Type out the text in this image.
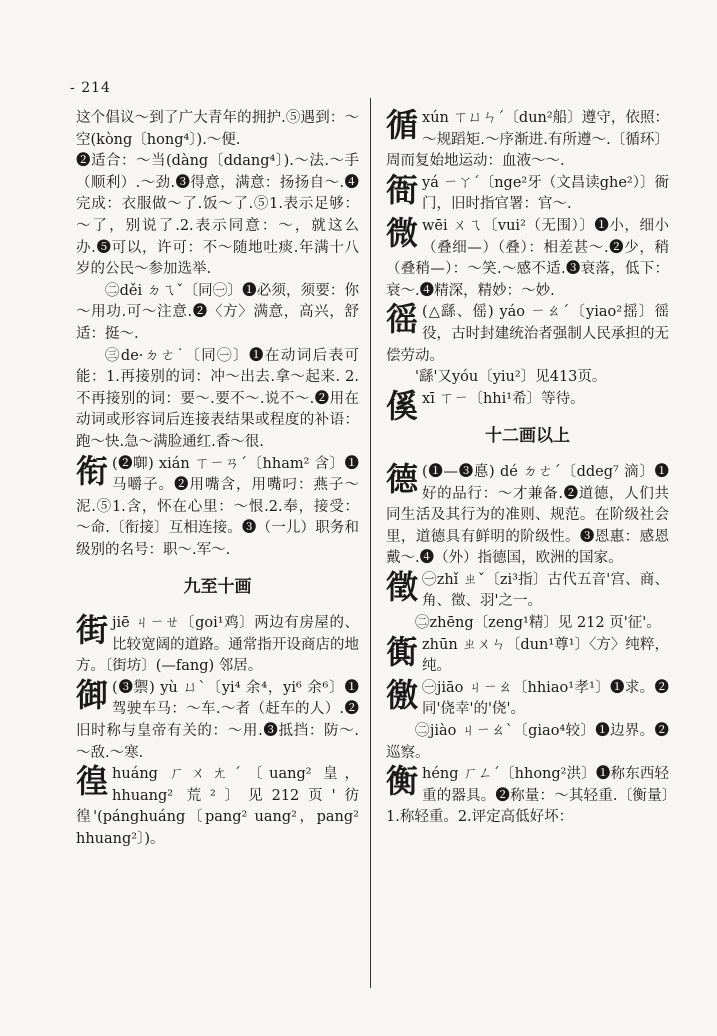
- 214

这个倡议～到了广大青年的拥护.⑤遇到：～空(kòng〔hong⁴〕).～便.

❷适合：～当(dàng〔ddang⁴〕).～法.～手（顺利）.～劲.❸得意，满意：扬扬自～.❹完成：衣服做～了.饭～了.⑤1.表示足够：～了，别说了.2.表示同意：～，就这么办.❺可以，许可：不～随地吐痰.年满十八岁的公民～参加选举.

㊁děi ㄉㄟˇ〔同㊀〕❶必须，须要：你～用功.可～注意.❷〈方〉满意，高兴，舒适：挺～.

㊂de·ㄉㄜ˙〔同㊀〕❶在动词后表可能：1.再接别的词：冲～出去.拿～起来. 2.不再接别的词：要～.要不～.说不～.❷用在动词或形容词后连接表结果或程度的补语：跑～快.急～满脸通红.香～很.

衔 (❷啣) xián ㄒㄧㄢˊ〔hham² 含〕❶马嚼子。❷用嘴含，用嘴叼：燕子～泥.⑤1.含，怀在心里：～恨.2.奉，接受：～命.〔衔接〕互相连接。❸（一儿）职务和级别的名号：职～.军～.
九至十画
街 jiē ㄐㄧㄝ〔goi¹鸡〕两边有房屋的、比较宽阔的道路。通常指开设商店的地方。〔街坊〕(—fang) 邻居。
御 (❸禦) yù ㄩˋ〔yi⁴ 余⁴，yi⁶ 余⁶〕❶驾驶车马：～车.～者（赶车的人）.❷旧时称与皇帝有关的：～用.❸抵挡：防～.～敌.～寒.
徨 huáng ㄏㄨㄤˊ〔uang² 皇，hhuang² 荒²〕见212页'彷徨'(pánghuáng〔pang² uang²，pang² hhuang²〕)。
循 xún ㄒㄩㄣˊ〔dun²船〕遵守，依照：～规蹈矩.～序渐进.有所遵～.〔循环〕周而复始地运动：血液～～.
衙 yá ㄧㄚˊ〔nge²牙（文昌读ghe²）〕衙门，旧时指官署：官～.
微 wēi ㄨㄟ〔vui²（无围）〕❶小，细小（叠细—）（叠）：相差甚～.❷少，稍（叠稍—）：～笑.～感不适.❸衰落，低下：衰～.❹精深，精妙：～妙.
徭 (△繇、傜) yáo ㄧㄠˊ〔yiao²摇〕徭役，古时封建统治者强制人民承担的无偿劳动。

'繇'又yóu〔yiu²〕见413页。

傒 xī ㄒㄧ〔hhi¹希〕等待。
十二画以上
德 (❶—❸悳) dé ㄉㄜˊ〔ddeg⁷ 滴〕❶好的品行：～才兼备.❷道德，人们共同生活及其行为的准则、规范。在阶级社会里，道德具有鲜明的阶级性。❸恩惠：感恩戴～.❹（外）指德国，欧洲的国家。
徵 ㊀zhǐ ㄓˇ〔zi³指〕古代五音'宫、商、角、徵、羽'之一。

㊁zhēng〔zeng¹精〕见 212 页'征'。

衠 zhūn ㄓㄨㄣ〔dun¹尊¹〕〈方〉纯粹，纯。
徼 ㊀jiāo ㄐㄧㄠ〔hhiao¹孝¹〕❶求。❷同'侥幸'的'侥'。

㊁jiào ㄐㄧㄠˋ〔giao⁴较〕❶边界。❷巡察。

衡 héng ㄏㄥˊ〔hhong²洪〕❶称东西轻重的器具。❷称量：～其轻重.〔衡量〕1.称轻重。2.评定高低好坏：
